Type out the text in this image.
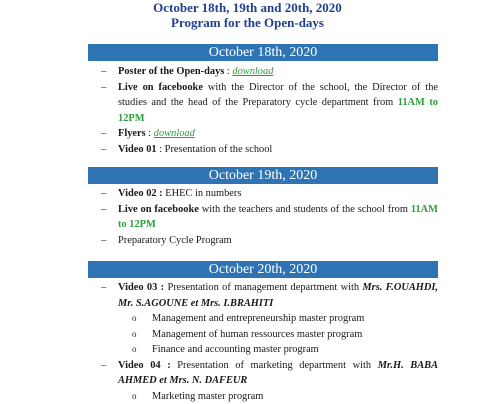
October 18th, 19th and 20th, 2020
Program for the Open-days
October 18th, 2020
– Poster of the Open-days : download
– Live on facebooke with the Director of the school, the Director of the studies and the head of the Preparatory cycle department from 11AM to 12PM
– Flyers : download
– Video 01 : Presentation of the school
October 19th, 2020
– Video 02 : EHEC in numbers
– Live on facebooke with the teachers and students of the school from 11AM to 12PM
– Preparatory Cycle Program
October 20th, 2020
– Video 03 : Presentation of management department with Mrs. F.OUAHDI, Mr. S.AGOUNE et Mrs. I.BRAHITI
o Management and entrepreneurship master program
o Management of human ressources master program
o Finance and accounting master program
– Video 04 : Presentation of marketing department with Mr.H. BABA AHMED et Mrs. N. DAFEUR
o Marketing master program
